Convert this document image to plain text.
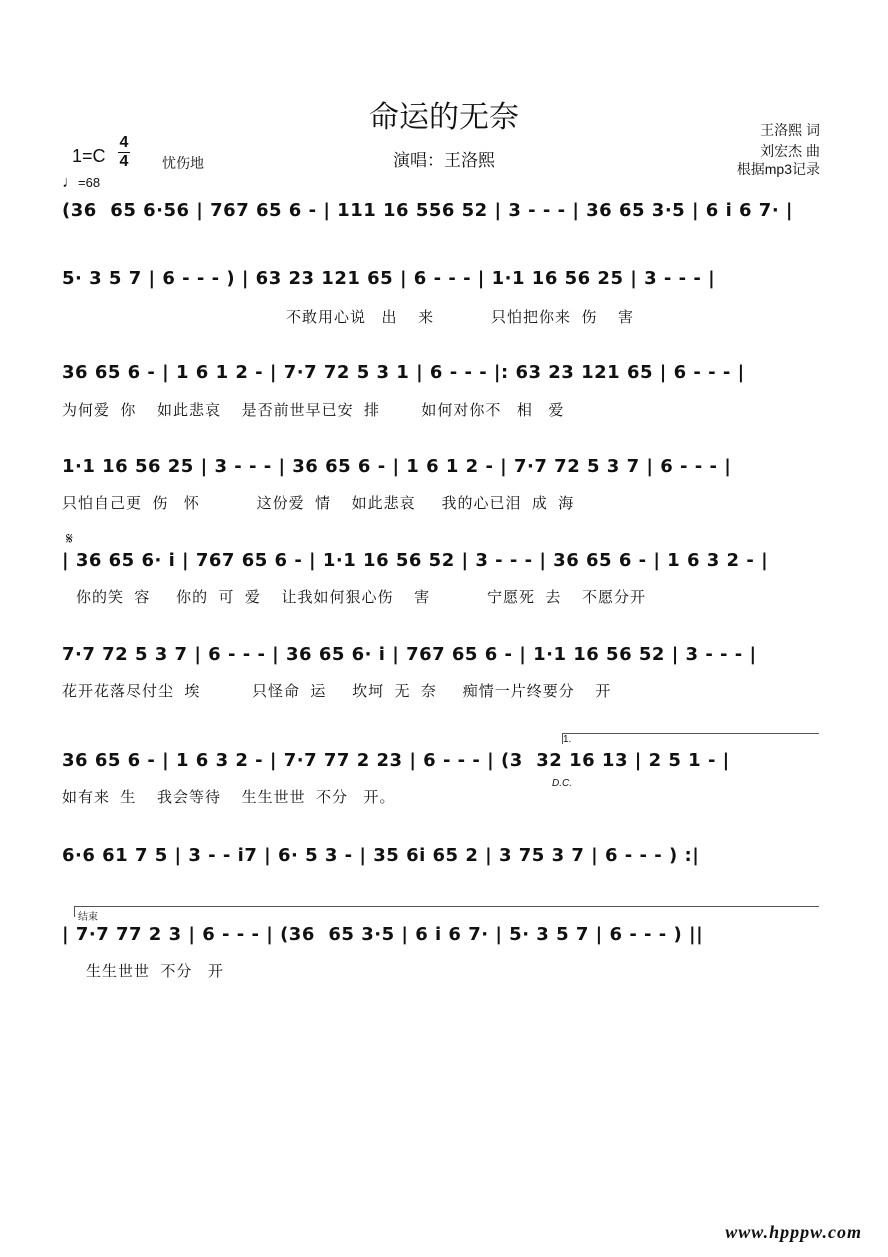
命运的无奈
演唱：王洛熙
王洛熙 词
刘宏杰 曲
根据mp3记录
1=C
4
4 忧伤地
♩=68
(36  65 6·56 | 767 65 6 - | 111 16 556 52 | 3 - - - | 36 65 3·5 | 6 i 6 7· |
5· 3 5 7 | 6 - - - ) | 63 23 121 65 | 6 - - - | 1·1 16 56 25 | 3 - - - |
不敢用心说   出    来           只怕把你来  伤    害
36 65 6 - | 1 6 1 2 - | 7·7 72 5 3 1 | 6 - - - |: 63 23 121 65 | 6 - - - |
为何爱  你    如此悲哀    是否前世早已安  排        如何对你不   相   爱
1·1 16 56 25 | 3 - - - | 36 65 6 - | 1 6 1 2 - | 7·7 72 5 3 7 | 6 - - - |
只怕自己更  伤   怀           这份爱  情    如此悲哀     我的心已泪  成  海
𝄋
| 36 65 6· i | 767 65 6 - | 1·1 16 56 52 | 3 - - - | 36 65 6 - | 1 6 3 2 - |
你的笑  容     你的  可  爱    让我如何狠心伤    害           宁愿死  去    不愿分开
7·7 72 5 3 7 | 6 - - - | 36 65 6· i | 767 65 6 - | 1·1 16 56 52 | 3 - - - |
花开花落尽付尘  埃          只怪命  运     坎坷  无  奈     痴情一片终要分    开
1.
36 65 6 - | 1 6 3 2 - | 7·7 77 2 23 | 6 - - - | (3  32 16 13 | 2 5 1 - |
D.C.
如有来  生    我会等待    生生世世  不分   开。
6·6 61 7 5 | 3 - - i7 | 6· 5 3 - | 35 6i 65 2 | 3 75 3 7 | 6 - - - ) :|
结束
| 7·7 77 2 3 | 6 - - - | (36  65 3·5 | 6 i 6 7· | 5· 3 5 7 | 6 - - - ) ||
生生世世  不分   开
www.hpppw.com
